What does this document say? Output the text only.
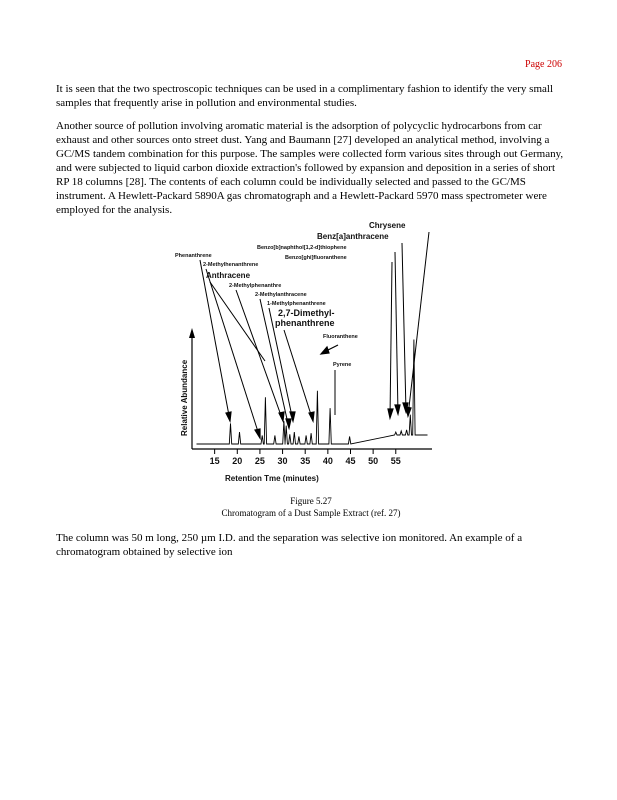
Page 206

It is seen that the two spectroscopic techniques can be used in a complimentary fashion to identify the very small samples that frequently arise in pollution and environmental studies.

Another source of pollution involving aromatic material is the adsorption of polycyclic hydrocarbons from car exhaust and other sources onto street dust. Yang and Baumann [27] developed an analytical method, involving a GC/MS tandem combination for this purpose. The samples were collected form various sites through out Germany, and were subjected to liquid carbon dioxide extraction's followed by expansion and deposition in a series of short RP 18 columns [28]. The contents of each column could be individually selected and passed to the GC/MS instrument. A Hewlett-Packard 5890A gas chromatograph and a Hewlett-Packard 5970 mass spectrometer were employed for the analysis.

15 20 25 30 35 40 45 50 55
Relative Abundance
Retention Tme (minutes)
Chrysene
Benz[a]anthracene
Benzo[b]naphthol[1,2-d]thiophene
Benzo[ghi]fluoranthene
Phenanthrene
2-Methylhenanthrene
Anthracene
2-Methylphenanthre
2-Methylanthracene
1-Methylphenanthrene
2,7-Dimethyl-
phenanthrene
Fluoranthene
Pyrene
Figure 5.27
Chromatogram of a Dust Sample Extract (ref. 27)

The column was 50 m long, 250 µm I.D. and the separation was selective ion monitored. An example of a chromatogram obtained by selective ion
